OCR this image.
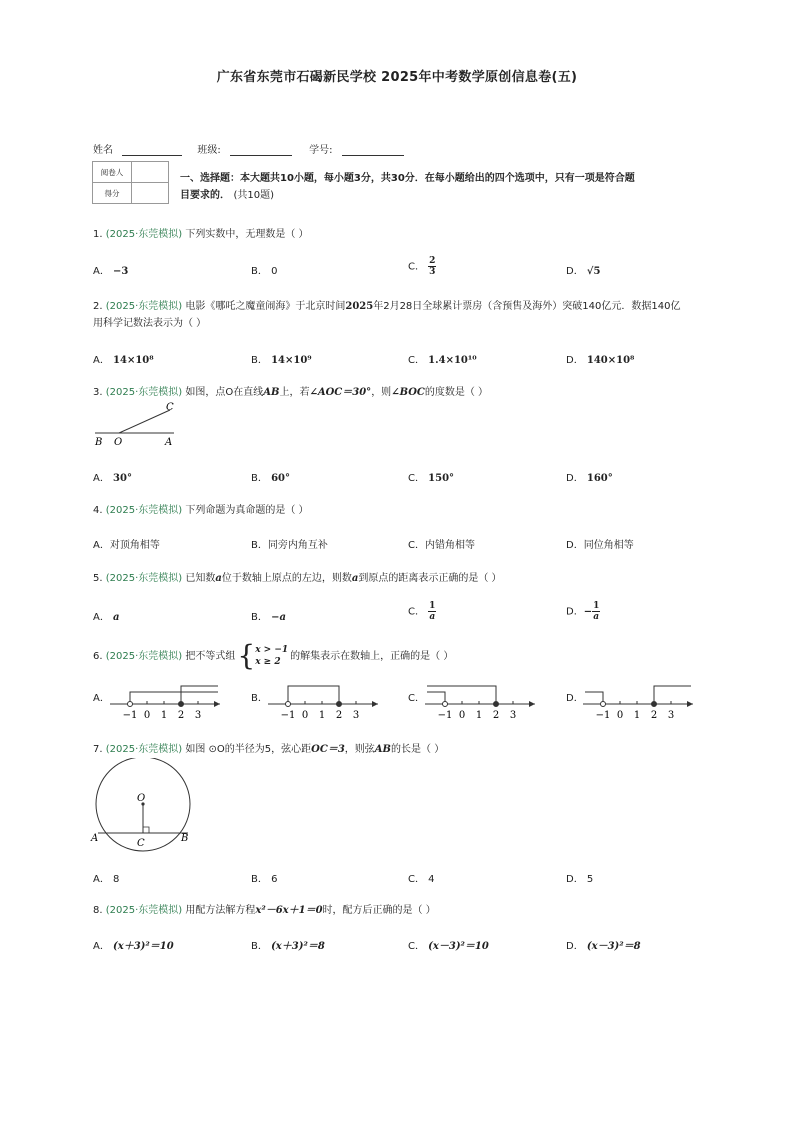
广东省东莞市石碣新民学校 2025年中考数学原创信息卷(五)
姓名	班级:	学号:
阅卷人	
得分	
一、选择题：本大题共10小题，每小题3分，共30分．在每小题给出的四个选项中，只有一项是符合题目要求的． (共10题)
1. (2025·东莞模拟) 下列实数中，无理数是（ ）
A． −3	B． 0	C． $\frac{2}{3}$	D． √5
2. (2025·东莞模拟) 电影《哪吒之魔童闹海》于北京时间2025年2月28日全球累计票房（含预售及海外）突破140亿元．数据140亿
用科学记数法表示为（ ）
A． 14×10⁸	B． 14×10⁹	C． 1.4×10¹⁰	D． 140×10⁸
3. (2025·东莞模拟) 如图，点O在直线AB上，若∠AOC＝30°，则∠BOC的度数是（ ）
C
B O	A
A． 30°	B． 60°	C． 150°	D． 160°
4. (2025·东莞模拟) 下列命题为真命题的是（ ）
A．对顶角相等	B．同旁内角互补	C．内错角相等	D．同位角相等
5. (2025·东莞模拟) 已知数a位于数轴上原点的左边，则数a到原点的距离表示正确的是（ ）
A． a	B． −a	C． $\frac{1}{a}$	D．− $\frac{1}{a}$
6. (2025·东莞模拟) 把不等式组{ x > −1
x ≥ 2 的解集表示在数轴上，正确的是（ ）
A．
−1 0 1 2 3
B．
−1 0 1 2 3
C．
−1 0 1 2 3
D．
−1 0 1 2 3
7. (2025·东莞模拟) 如图 ⊙O的半径为5，弦心距OC＝3，则弦AB的长是（ ）
O
A	B
C
A． 8	B． 6	C． 4	D． 5
8. (2025·东莞模拟) 用配方法解方程x²－6x＋1＝0时，配方后正确的是（ ）
A． (x＋3)²＝10	B． (x＋3)²＝8	C． (x－3)²＝10	D． (x－3)²＝8
